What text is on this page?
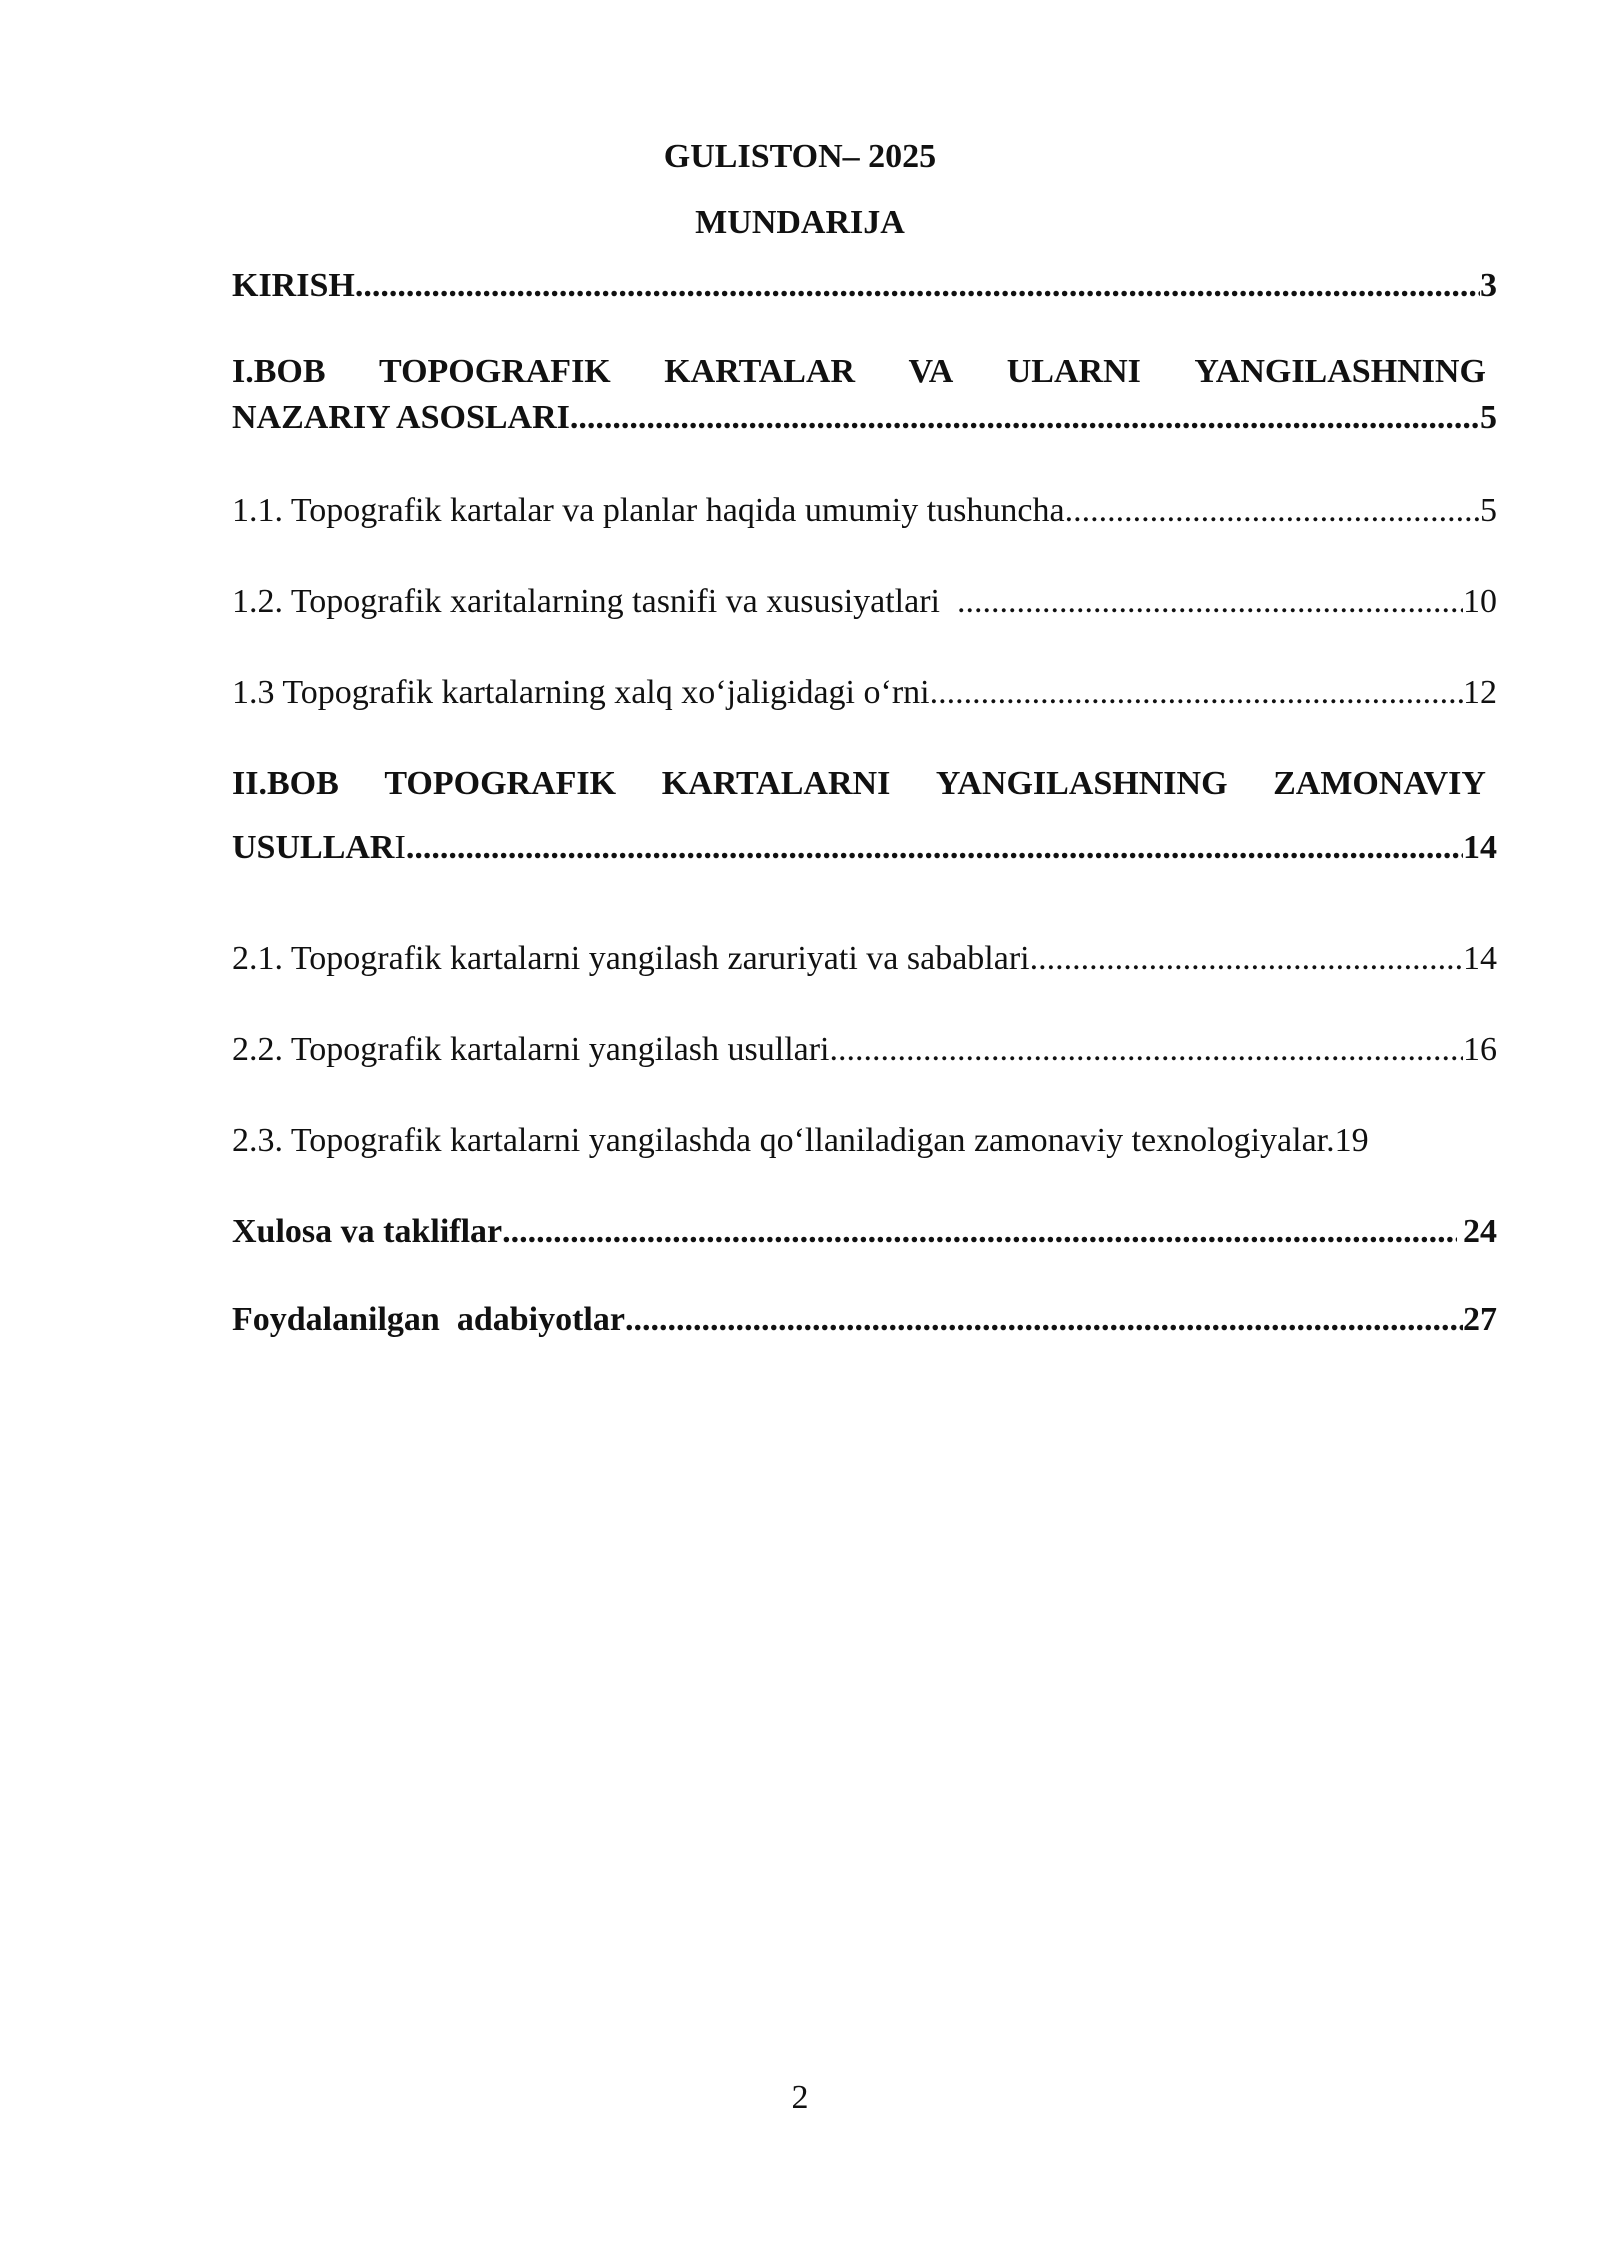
GULISTON– 2025
MUNDARIJA
KIRISH .....	3
I.BOB TOPOGRAFIK KARTALAR VA ULARNI YANGILASHNING
NAZARIY ASOSLARI .....	5
1.1. Topografik kartalar va planlar haqida umumiy tushuncha .....	5
1.2. Topografik xaritalarning tasnifi va xususiyatlari .....	10
1.3 Topografik kartalarning xalq xo‘jaligidagi o‘rni .....	12
II.BOB TOPOGRAFIK KARTALARNI YANGILASHNING ZAMONAVIY
USULLARI .....	14
2.1. Topografik kartalarni yangilash zaruriyati va sabablari .....	14
2.2. Topografik kartalarni yangilash usullari .....	16
2.3. Topografik kartalarni yangilashda qo‘llaniladigan zamonaviy texnologiyalar. 19
Xulosa va takliflar .....	24
Foydalanilgan  adabiyotlar .....	27
2
